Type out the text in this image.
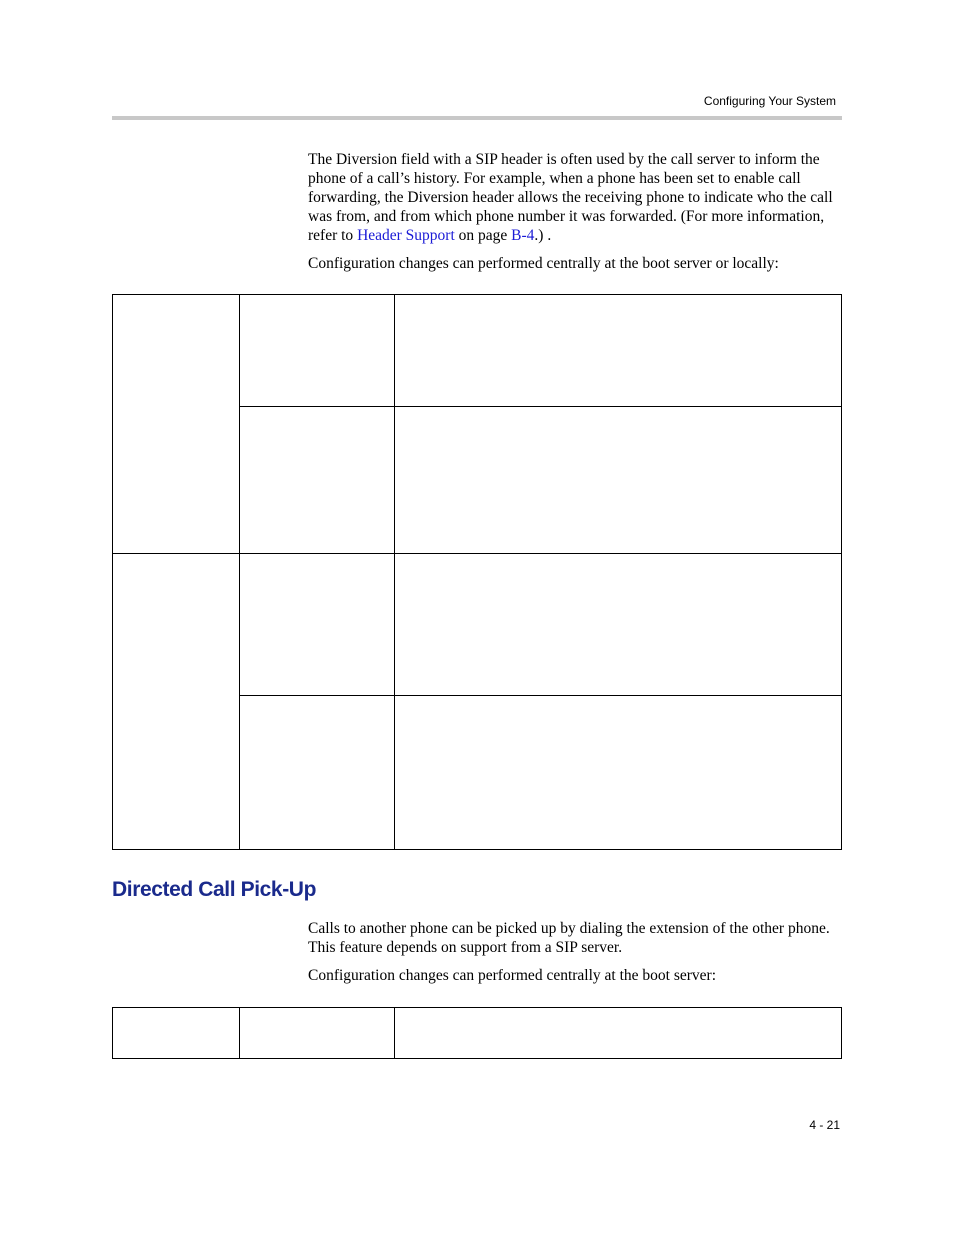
Configuring Your System

The Diversion field with a SIP header is often used by the call server to inform the phone of a call’s history. For example, when a phone has been set to enable call forwarding, the Diversion header allows the receiving phone to indicate who the call was from, and from which phone number it was forwarded. (For more information, refer to Header Support on page B-4.) .

Configuration changes can performed centrally at the boot server or locally:

Directed Call Pick-Up

Calls to another phone can be picked up by dialing the extension of the other phone. This feature depends on support from a SIP server.

Configuration changes can performed centrally at the boot server:

4 - 21
